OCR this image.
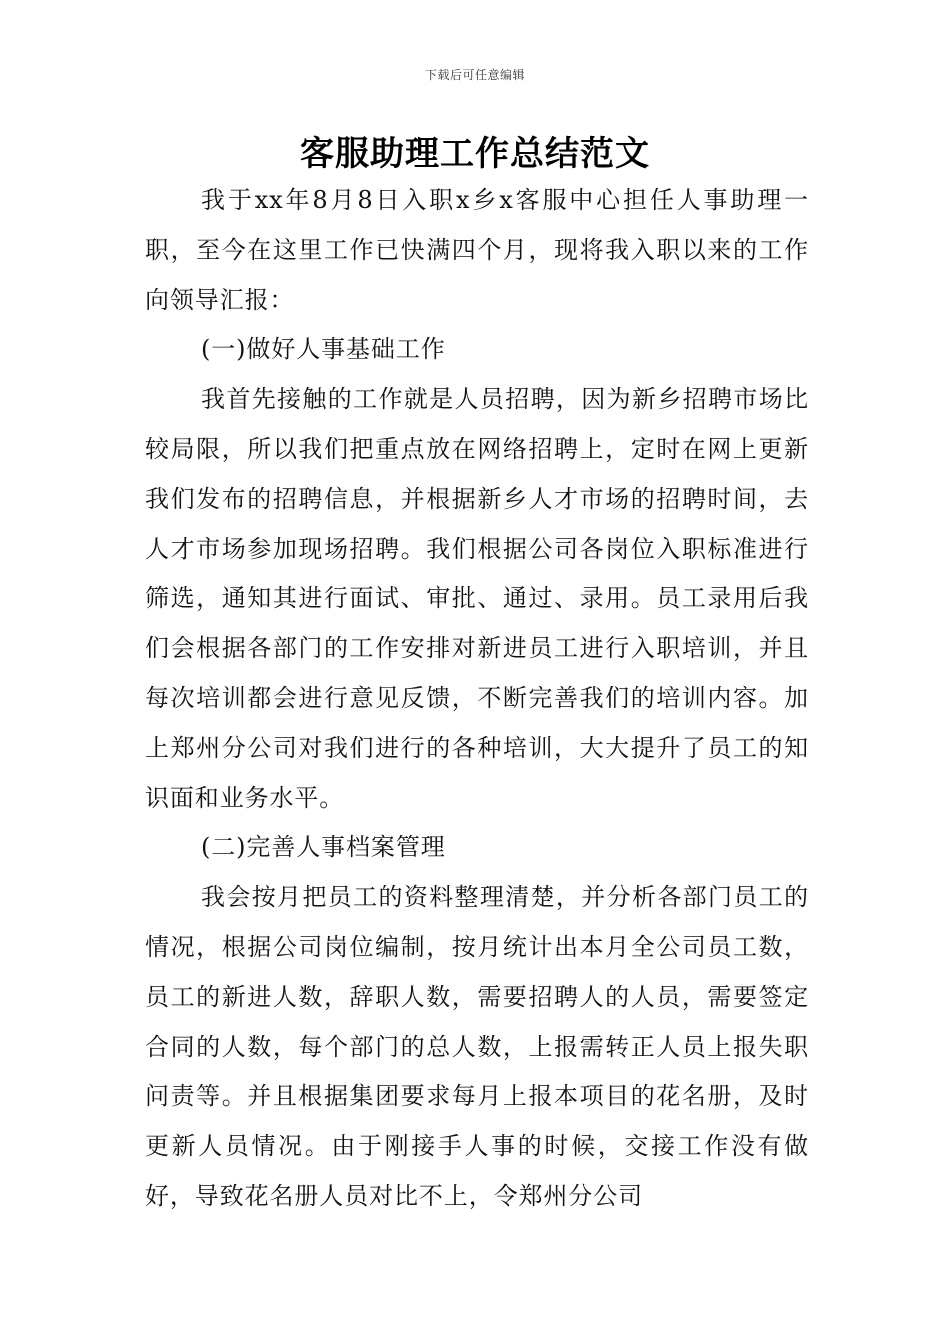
下载后可任意编辑
客服助理工作总结范文

我于xx年8月8日入职x乡x客服中心担任人事助理一职，至今在这里工作已快满四个月，现将我入职以来的工作向领导汇报：

(一)做好人事基础工作

我首先接触的工作就是人员招聘，因为新乡招聘市场比较局限，所以我们把重点放在网络招聘上，定时在网上更新我们发布的招聘信息，并根据新乡人才市场的招聘时间，去人才市场参加现场招聘。我们根据公司各岗位入职标准进行筛选，通知其进行面试、审批、通过、录用。员工录用后我们会根据各部门的工作安排对新进员工进行入职培训，并且每次培训都会进行意见反馈，不断完善我们的培训内容。加上郑州分公司对我们进行的各种培训，大大提升了员工的知识面和业务水平。

(二)完善人事档案管理

我会按月把员工的资料整理清楚，并分析各部门员工的情况，根据公司岗位编制，按月统计出本月全公司员工数，员工的新进人数，辞职人数，需要招聘人的人员，需要签定合同的人数，每个部门的总人数，上报需转正人员上报失职问责等。并且根据集团要求每月上报本项目的花名册，及时更新人员情况。由于刚接手人事的时候，交接工作没有做好，导致花名册人员对比不上，令郑州分公司
